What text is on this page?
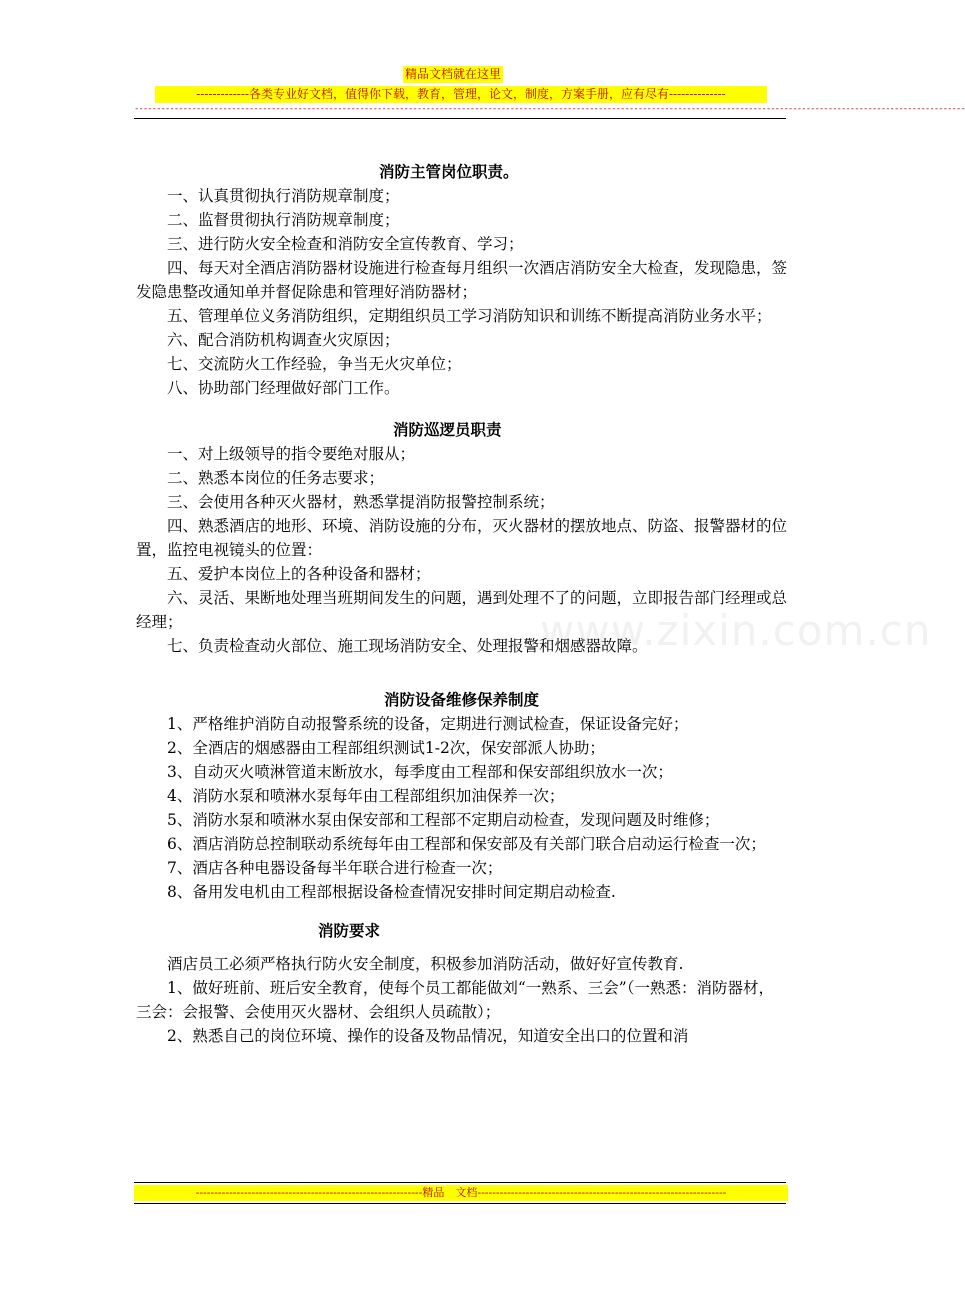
精品文档就在这里
-------------各类专业好文档，值得你下载，教育，管理，论文，制度，方案手册，应有尽有--------------
--------------------------------------------------------------------------------------------------------------------------------------------------------------------------------------------
www.zixin.com.cn

消防主管岗位职责。

一、认真贯彻执行消防规章制度；

二、监督贯彻执行消防规章制度；

三、进行防火安全检查和消防安全宣传教育、学习；

四、每天对全酒店消防器材设施进行检查每月组织一次酒店消防安全大检查，发现隐患，签发隐患整改通知单并督促除患和管理好消防器材；

五、管理单位义务消防组织，定期组织员工学习消防知识和训练不断提高消防业务水平；

六、配合消防机构调查火灾原因；

七、交流防火工作经验，争当无火灾单位；

八、协助部门经理做好部门工作。

消防巡逻员职责

一、对上级领导的指令要绝对服从；

二、熟悉本岗位的任务志要求；

三、会使用各种灭火器材，熟悉掌提消防报警控制系统；

四、熟悉酒店的地形、环境、消防设施的分布，灭火器材的摆放地点、防盗、报警器材的位置，监控电视镜头的位置：

五、爱护本岗位上的各种设备和器材；

六、灵活、果断地处理当班期间发生的问题，遇到处理不了的问题，立即报告部门经理或总经理；

七、负责检查动火部位、施工现场消防安全、处理报警和烟感器故障。

消防设备维修保养制度

1、严格维护消防自动报警系统的设备，定期进行测试检查，保证设备完好；

2、全酒店的烟感器由工程部组织测试1-2次，保安部派人协助；

3、自动灭火喷淋管道末断放水，每季度由工程部和保安部组织放水一次；

4、消防水泵和喷淋水泵每年由工程部组织加油保养一次；

5、消防水泵和喷淋水泵由保安部和工程部不定期启动检查，发现问题及时维修；

6、酒店消防总控制联动系统每年由工程部和保安部及有关部门联合启动运行检查一次；

7、酒店各种电器设备每半年联合进行检查一次；

8、备用发电机由工程部根据设备检查情况安排时间定期启动检查.

消防要求

酒店员工必须严格执行防火安全制度，积极参加消防活动，做好好宣传教育.

1、做好班前、班后安全教育，使每个员工都能做刘“一熟系、三会”（一熟悉：消防器材，三会：会报警、会使用灭火器材、会组织人员疏散）；

2、熟悉自己的岗位环境、操作的设备及物品情况，知道安全出口的位置和消

-------------------------------------------------------------精品　文档-------------------------------------------------------------------
